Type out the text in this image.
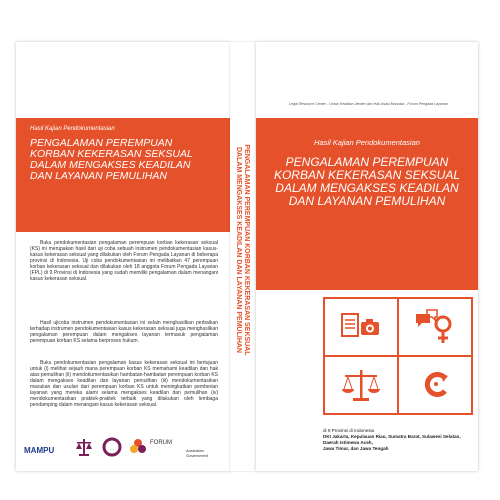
Hasil Kajian Pendokumentasian
PENGALAMAN PEREMPUAN
KORBAN KEKERASAN SEKSUAL
DALAM MENGAKSES KEADILAN
DAN LAYANAN PEMULIHAN
Buku pendokumentasian pengalaman perempuan korban kekerasan seksual (KS) ini merupakan hasil dari uji coba sebuah instrumen pendokumentasian kasus-kasus kekerasan seksual yang dilakukan oleh Forum Pengada Layanan di beberapa provinsi di Indonesia. Uji coba pendokumentasian ini melibatkan 47 perempuan korban kekerasan seksual dan dilakukan oleh 18 anggota Forum Pengada Layanan (FPL) di 9 Provinsi di Indonesia yang sudah memiliki pengalaman dalam menangani kasus kekerasan seksual.
Hasil ujicoba instrumen pendokumentasian ini selain menghasilkan perbaikan terhadap instrumen pendokumentasian kasus kekerasan seksual juga menghasilkan pengalaman perempuan dalam mengakses layanan termasuk pengalaman perempuan korban KS selama berproses hukum.
Buku pendokumentasian pengalaman kasus kekerasan seksual ini bertujuan untuk (i) melihat sejauh mana perempuan korban KS memahami keadilan dan hak atas pemulihan (ii) mendokumentasikan hambatan-hambatan perempuan korban KS dalam mengakses keadilan dan layanan pemulihan (iii) mendokumentasikan masukan dan usulan dari perempuan korban KS untuk meningkatkan pemberian layanan yang mereka alami selama mengakses keadilan dan pemulihan (iv) mendokumentasikan praktek-praktek terbaik yang dilakukan oleh lembaga pendamping dalam menangani kasus kekerasan seksual.
MAMPU
FORUM
Australian Government
PENGALAMAN PEREMPUAN KORBAN KEKERASAN SEKSUAL
DALAM MENGAKSES KEADILAN DAN LAYANAN PEMULIHAN
Legal Resource Center - Untuk Keadilan Jender dan Hak Asasi Manusia - Forum Pengada Layanan
Hasil Kajian Pendokumentasian
PENGALAMAN PEREMPUAN
KORBAN KEKERASAN SEKSUAL
DALAM MENGAKSES KEADILAN
DAN LAYANAN PEMULIHAN
di 9 Provinsi di Indonesia
DKI Jakarta, Kepulauan Riau, Sumatra Barat, Sulawesi Selatan, Daerah Istimewa Aceh,
Jawa Timur, dan Jawa Tengah
